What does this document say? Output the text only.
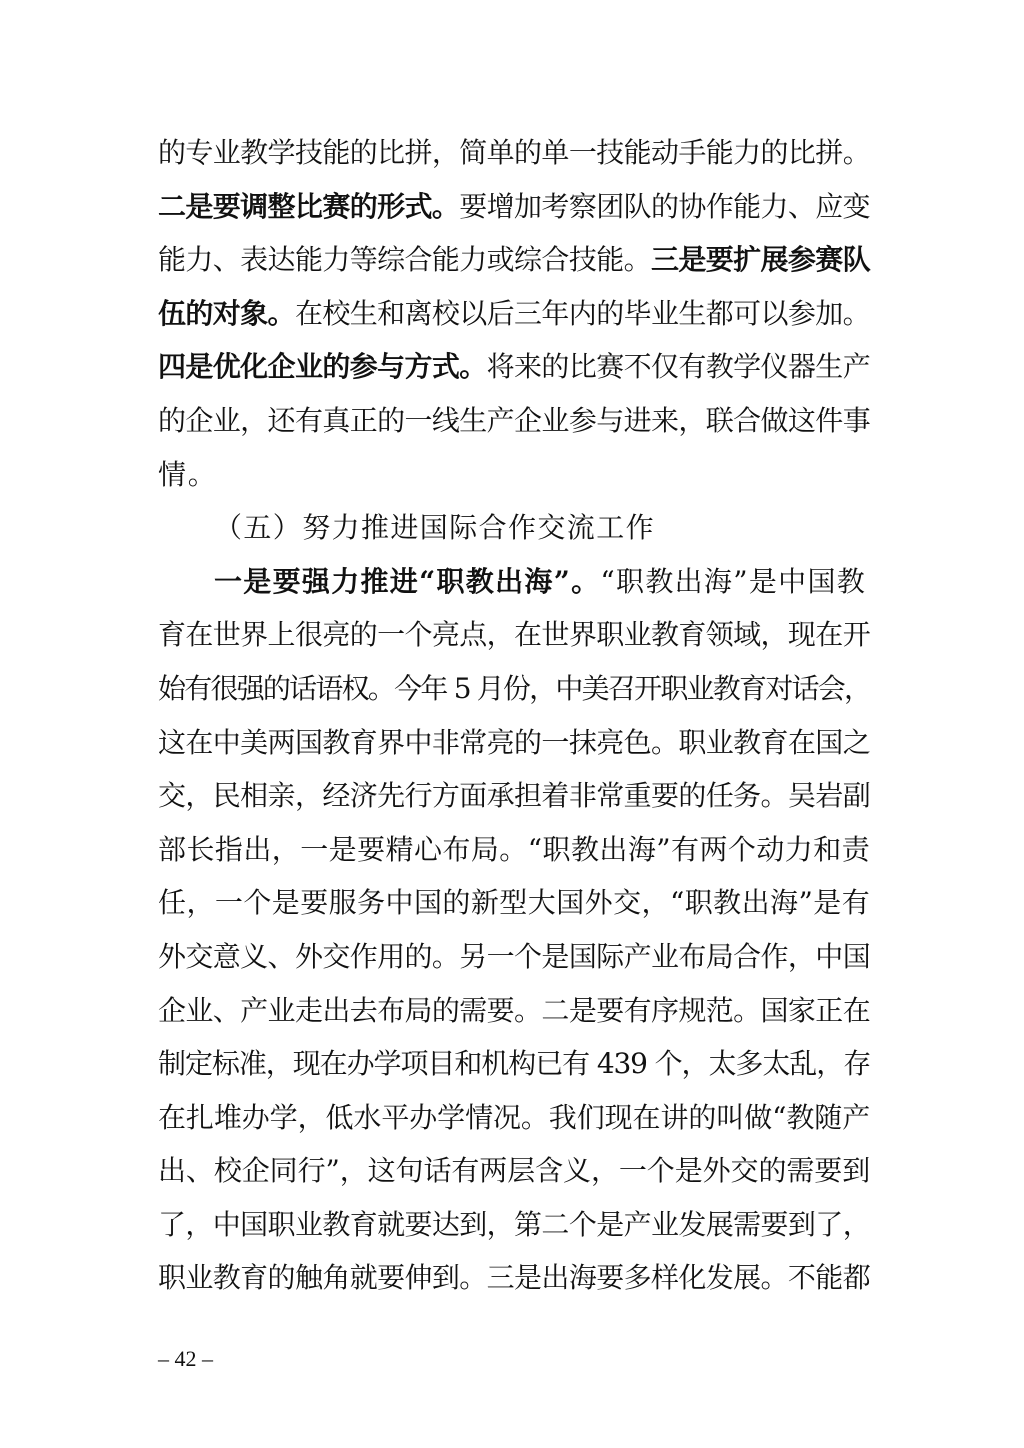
的专业教学技能的比拼，简单的单一技能动手能力的比拼。
二是要调整比赛的形式。要增加考察团队的协作能力、应变
能力、表达能力等综合能力或综合技能。三是要扩展参赛队
伍的对象。在校生和离校以后三年内的毕业生都可以参加。
四是优化企业的参与方式。将来的比赛不仅有教学仪器生产
的企业，还有真正的一线生产企业参与进来，联合做这件事
情。
（五）努力推进国际合作交流工作
一是要强力推进“职教出海”。“职教出海”是中国教
育在世界上很亮的一个亮点，在世界职业教育领域，现在开
始有很强的话语权。今年 5 月份，中美召开职业教育对话会，
这在中美两国教育界中非常亮的一抹亮色。职业教育在国之
交，民相亲，经济先行方面承担着非常重要的任务。吴岩副
部长指出，一是要精心布局。“职教出海”有两个动力和责
任，一个是要服务中国的新型大国外交，“职教出海”是有
外交意义、外交作用的。另一个是国际产业布局合作，中国
企业、产业走出去布局的需要。二是要有序规范。国家正在
制定标准，现在办学项目和机构已有 439 个，太多太乱，存
在扎堆办学，低水平办学情况。我们现在讲的叫做“教随产
出、校企同行”，这句话有两层含义，一个是外交的需要到
了，中国职业教育就要达到，第二个是产业发展需要到了，
职业教育的触角就要伸到。三是出海要多样化发展。不能都
– 42 –
